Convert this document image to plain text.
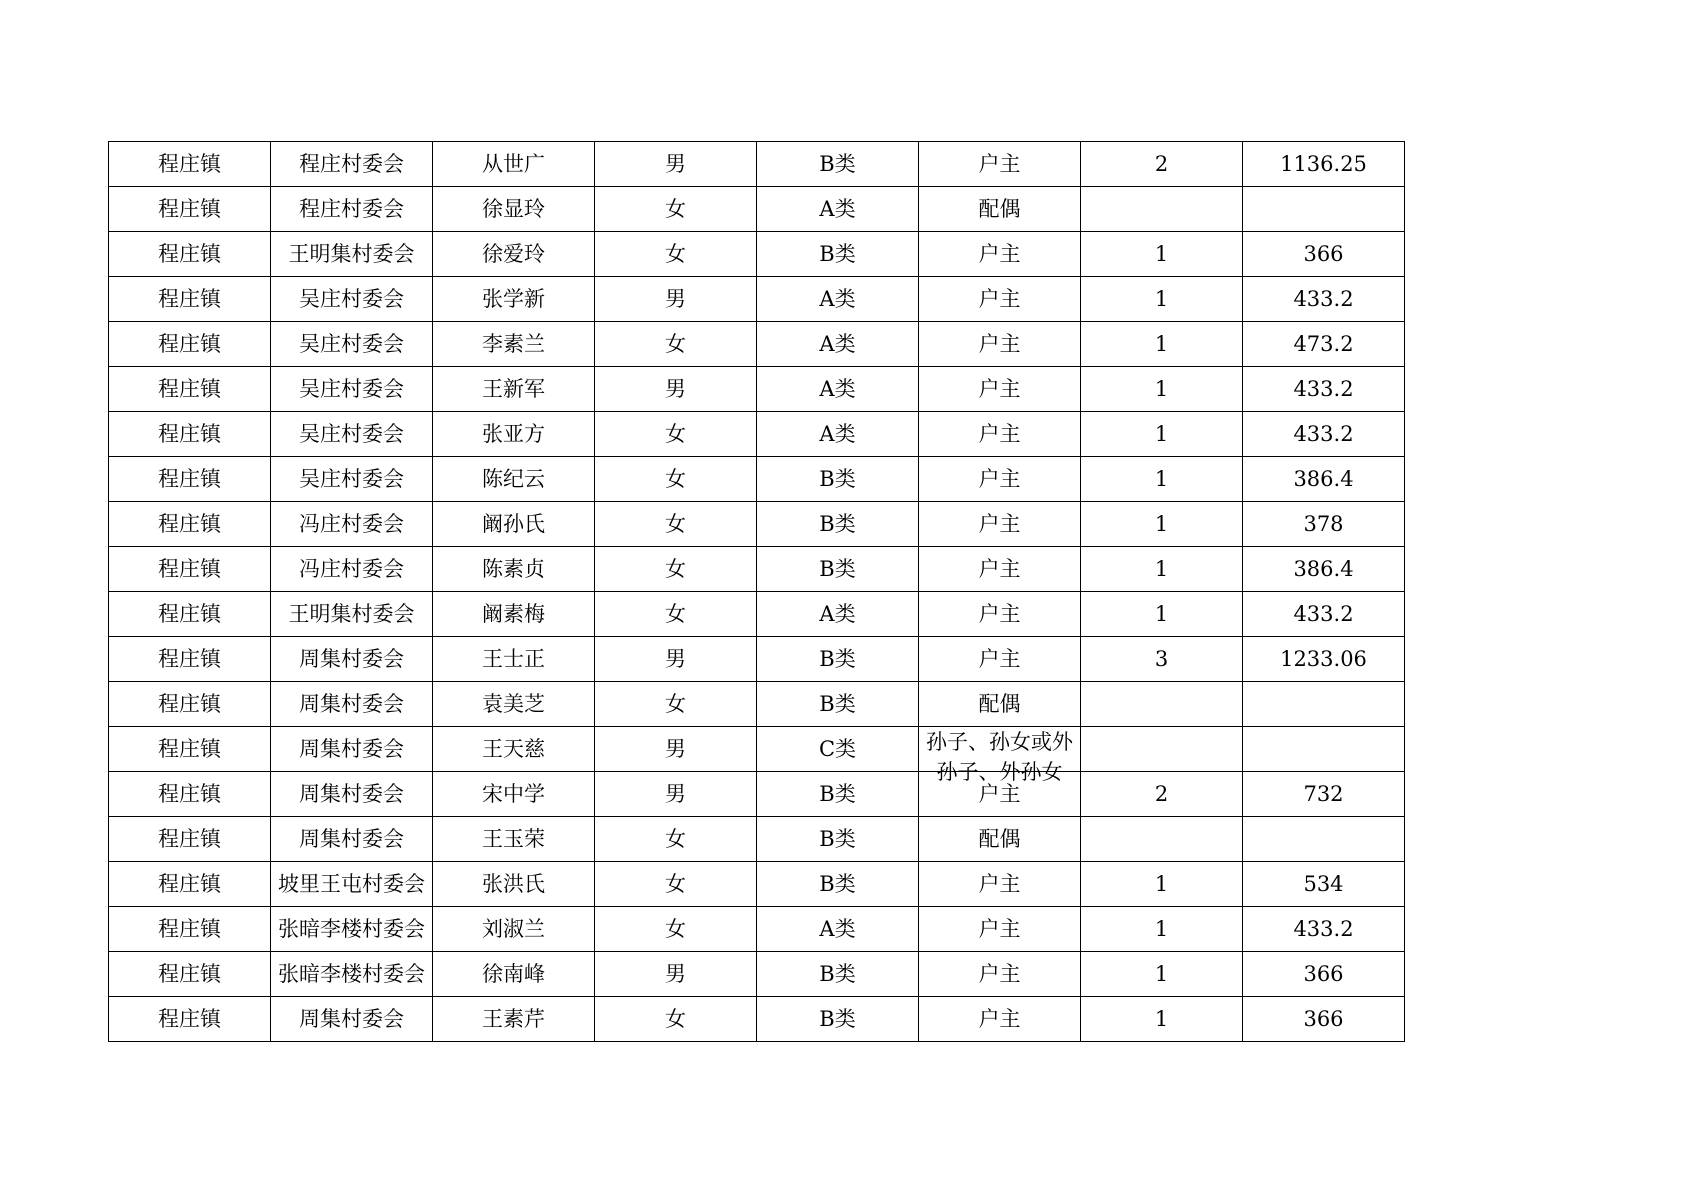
程庄镇	程庄村委会	从世广	男	B类	户主	2	1136.25
程庄镇	程庄村委会	徐显玲	女	A类	配偶		
程庄镇	王明集村委会	徐爱玲	女	B类	户主	1	366
程庄镇	吴庄村委会	张学新	男	A类	户主	1	433.2
程庄镇	吴庄村委会	李素兰	女	A类	户主	1	473.2
程庄镇	吴庄村委会	王新军	男	A类	户主	1	433.2
程庄镇	吴庄村委会	张亚方	女	A类	户主	1	433.2
程庄镇	吴庄村委会	陈纪云	女	B类	户主	1	386.4
程庄镇	冯庄村委会	阚孙氏	女	B类	户主	1	378
程庄镇	冯庄村委会	陈素贞	女	B类	户主	1	386.4
程庄镇	王明集村委会	阚素梅	女	A类	户主	1	433.2
程庄镇	周集村委会	王士正	男	B类	户主	3	1233.06
程庄镇	周集村委会	袁美芝	女	B类	配偶		
程庄镇	周集村委会	王天慈	男	C类	孙子、孙女或外孙子、外孙女		

程庄镇	周集村委会	宋中学	男	B类	户主	2	732
程庄镇	周集村委会	王玉荣	女	B类	配偶		
程庄镇	坡里王屯村委会	张洪氏	女	B类	户主	1	534
程庄镇	张暗李楼村委会	刘淑兰	女	A类	户主	1	433.2
程庄镇	张暗李楼村委会	徐南峰	男	B类	户主	1	366
程庄镇	周集村委会	王素芹	女	B类	户主	1	366
